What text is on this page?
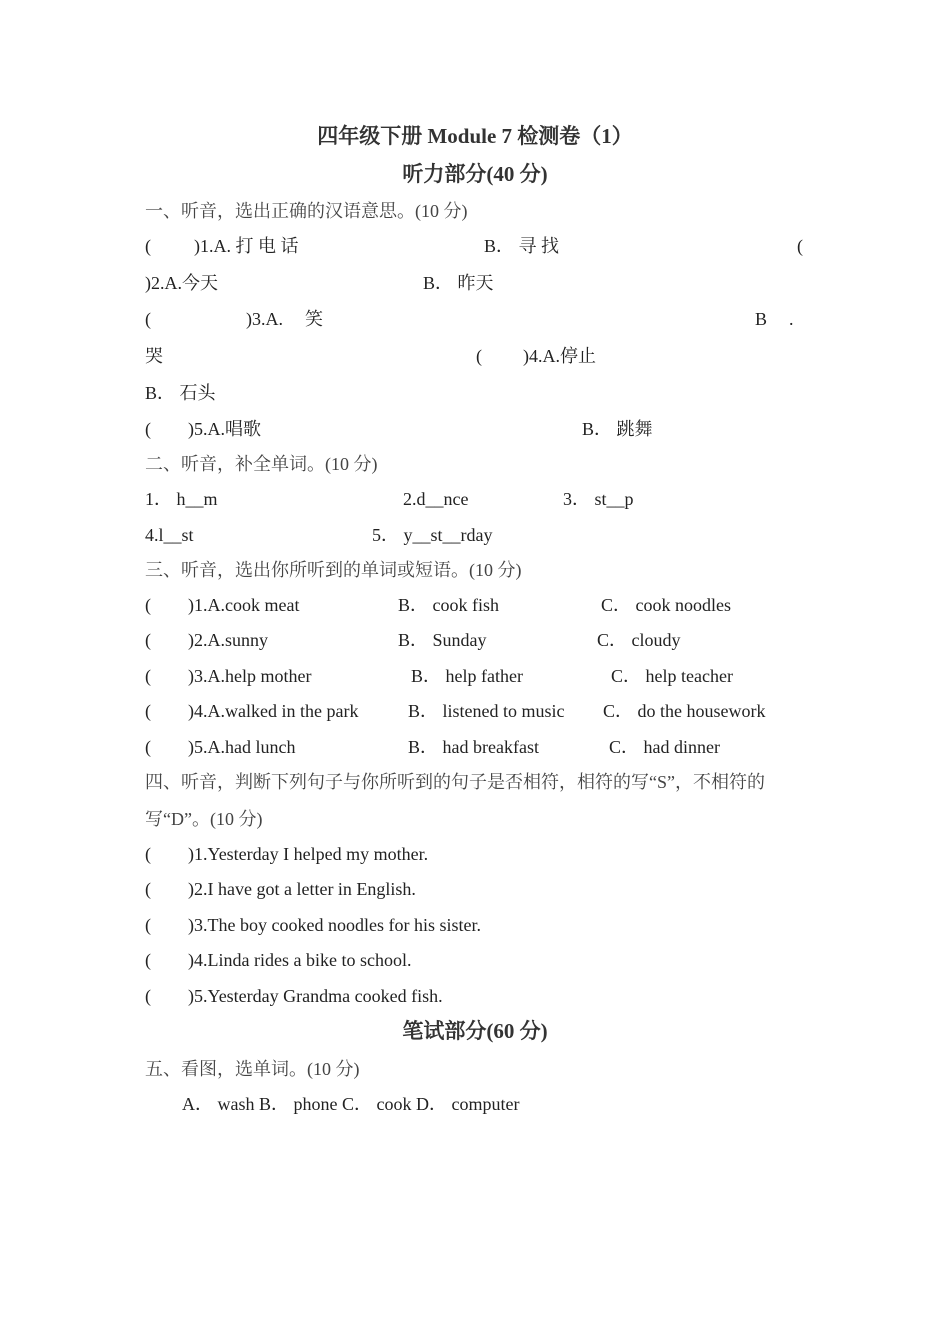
四年级下册 Module 7 检测卷（1）
听力部分(40 分)
一、听音，选出正确的汉语意思。(10 分)
( )1.A. 打 电 话	B． 寻 找	(
)2.A.今天	B． 昨天
(	)3.A. 笑	B .
哭	( )4.A.停止
B． 石头
( )5.A.唱歌	B． 跳舞
二、听音，补全单词。(10 分)
1． h__m	2.d__nce	3． st__p
4.l__st	5． y__st__rday
三、听音，选出你所听到的单词或短语。(10 分)
( )1.A.cook meat	B． cook fish	C． cook noodles
( )2.A.sunny	B． Sunday	C． cloudy
( )3.A.help mother	B． help father	C． help teacher
( )4.A.walked in the park	B． listened to music C． do the housework
( )5.A.had lunch	B． had breakfast	C． had dinner
四、听音，判断下列句子与你所听到的句子是否相符，相符的写“S”，不相符的
写“D”。(10 分)
( )1.Yesterday I helped my mother.
( )2.I have got a letter in English.
( )3.The boy cooked noodles for his sister.
( )4.Linda rides a bike to school.
( )5.Yesterday Grandma cooked fish.
笔试部分(60 分)
五、看图，选单词。(10 分)
A． wash B． phone C． cook D． computer
